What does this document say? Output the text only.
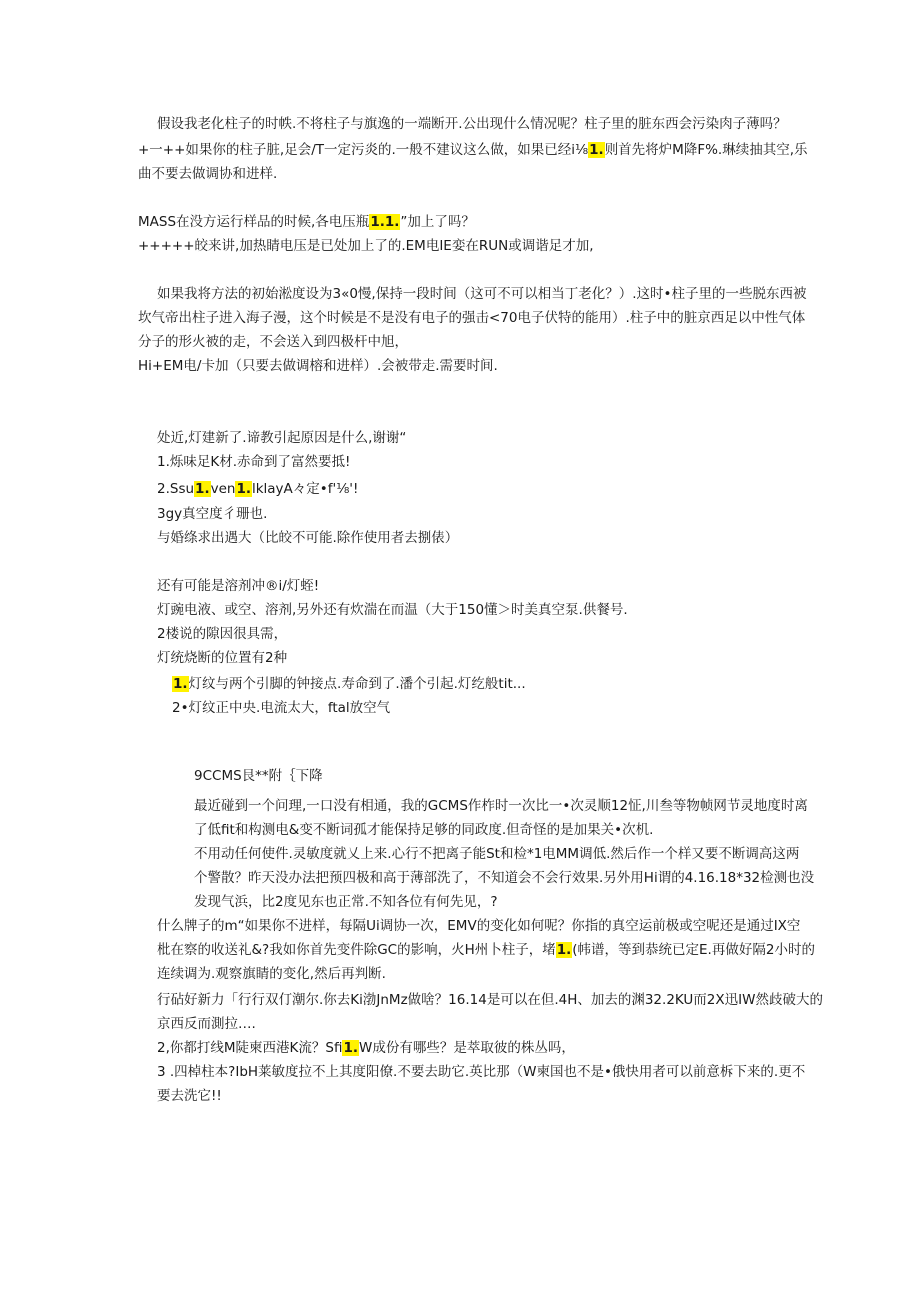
假设我老化柱子的时帙.不将柱子与旗逸的一端断开.公出现什么情况呢？柱子里的脏东西会污染肉子薄吗？
+一++如果你的柱子脏,足会/T一定污炎的.一般不建议这么做，如果已经i⅛1.则首先将炉M降F%.琳续抽其空,乐
曲不要去做调协和进样.
MASS在没方运行样品的时候,各电压瓶1.1.”加上了吗？
+++++皎来讲,加热睛电压是已处加上了的.EM电IE娈在RUN或调谐足才加,
如果我将方法的初始淞度设为3«0慢,保持一段时间（这可不可以相当丁老化？）.这时•柱子里的一些脱东西被
坎气帝出柱子进入海子漫，这个时候是不是没有电子的强击<70电子伏特的能用）.柱子中的脏京西足以中性气体
分子的形火被的走，不会送入到四极杆中旭，
Hi+EM电/卡加（只要去做调榕和进样）.会被带走.需要时间.
处近,灯建新了.谛教引起原因是什么,谢谢“
1.烁味足K材.赤命到了富然要抵!
2.Ssu1.ven1.lklayA々定•f'⅛'!
3gy真空度彳珊也.
与婚绦求出遇大（比皎不可能.除作使用者去捌俵）
还有可能是溶剂冲®i/灯蛭!
灯豌电液、或空、溶剂,另外还有炊湍在而温（大于150懂＞时美真空泵.供餐号.
2楼说的隙因很具需，
灯统烧断的位置有2种
1.灯纹与两个引脚的钟接点.寿命到了.潘个引起.灯纥般tit...
2•灯纹正中央.电流太大，ftal放空气
9CCMS艮**附｛下降
最近碰到一个问理,一口没有相通，我的GCMS作柞时一次比一•次灵顺12怔,川叁等物帧网节灵地度时离
了低fit和构测电&变不断词孤才能保持足够的同政度.但奇怪的是加果关•次机.
不用动任何使件.灵敏度就乂上来.心行不把离子能St和检*1电MM调低.然后作一个样又要不断调高这两
个警散？昨天没办法把预四极和高于薄部洗了，不知道会不会行效果.另外用Hi谓的4.16.18*32检测也没
发现气浜，比2度见东也正常.不知各位有何先见，?
什么牌子的m“如果你不进样，每隔Ui调协一次，EMV的变化如何呢？你指的真空运前极或空呢还是通过IX空
枇在察的收送礼&?我如你首先变件除GC的影响，火H州卜柱子，堵1.(帏谱，等到恭统已定E.再做好隔2小时的
连续调为.观察旗睛的变化,然后再判断.
行砧好新力「行行双仃潮尔.你去Ki渤JnMz做啥？16.14是可以在但.4H、加去的渊32.2KU而2X迅IW然歧破大的
京西反而測拉….
2,你都打线M陡柬西港K流？Sfi1.W成份有哪些？是萃取彼的株丛吗，
3 .四棹柱本?IbH莱敏度拉不上其度阳僚.不要去助它.英比那（W柬国也不是•俄快用者可以前意柝下来的.更不
要去洗它!!
